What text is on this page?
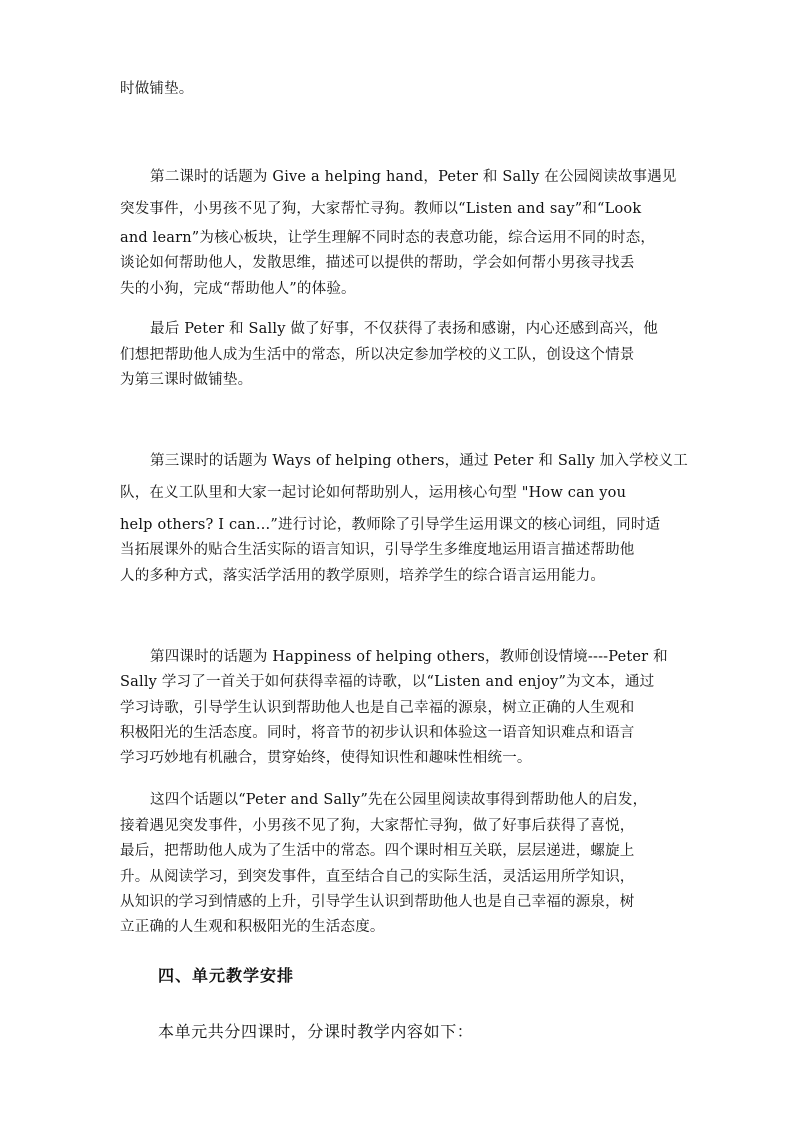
时做铺垫。
第二课时的话题为 Give a helping hand，Peter 和 Sally 在公园阅读故事遇见
突发事件，小男孩不见了狗，大家帮忙寻狗。教师以“Listen and say”和“Look
and learn”为核心板块，让学生理解不同时态的表意功能，综合运用不同的时态，
谈论如何帮助他人，发散思维，描述可以提供的帮助，学会如何帮小男孩寻找丢
失的小狗，完成“帮助他人”的体验。
最后 Peter 和 Sally 做了好事，不仅获得了表扬和感谢，内心还感到高兴，他
们想把帮助他人成为生活中的常态，所以决定参加学校的义工队，创设这个情景
为第三课时做铺垫。
第三课时的话题为 Ways of helping others，通过 Peter 和 Sally 加入学校义工
队，在义工队里和大家一起讨论如何帮助别人，运用核心句型 "How can you
help others? I can…”进行讨论，教师除了引导学生运用课文的核心词组，同时适
当拓展课外的贴合生活实际的语言知识，引导学生多维度地运用语言描述帮助他
人的多种方式，落实活学活用的教学原则，培养学生的综合语言运用能力。
第四课时的话题为 Happiness of helping others，教师创设情境----Peter 和
Sally 学习了一首关于如何获得幸福的诗歌，以“Listen and enjoy”为文本，通过
学习诗歌，引导学生认识到帮助他人也是自己幸福的源泉，树立正确的人生观和
积极阳光的生活态度。同时，将音节的初步认识和体验这一语音知识难点和语言
学习巧妙地有机融合，贯穿始终，使得知识性和趣味性相统一。
这四个话题以“Peter and Sally”先在公园里阅读故事得到帮助他人的启发，
接着遇见突发事件，小男孩不见了狗，大家帮忙寻狗，做了好事后获得了喜悦，
最后，把帮助他人成为了生活中的常态。四个课时相互关联，层层递进，螺旋上
升。从阅读学习，到突发事件，直至结合自己的实际生活，灵活运用所学知识，
从知识的学习到情感的上升，引导学生认识到帮助他人也是自己幸福的源泉，树
立正确的人生观和积极阳光的生活态度。
四、单元教学安排
本单元共分四课时，分课时教学内容如下：
